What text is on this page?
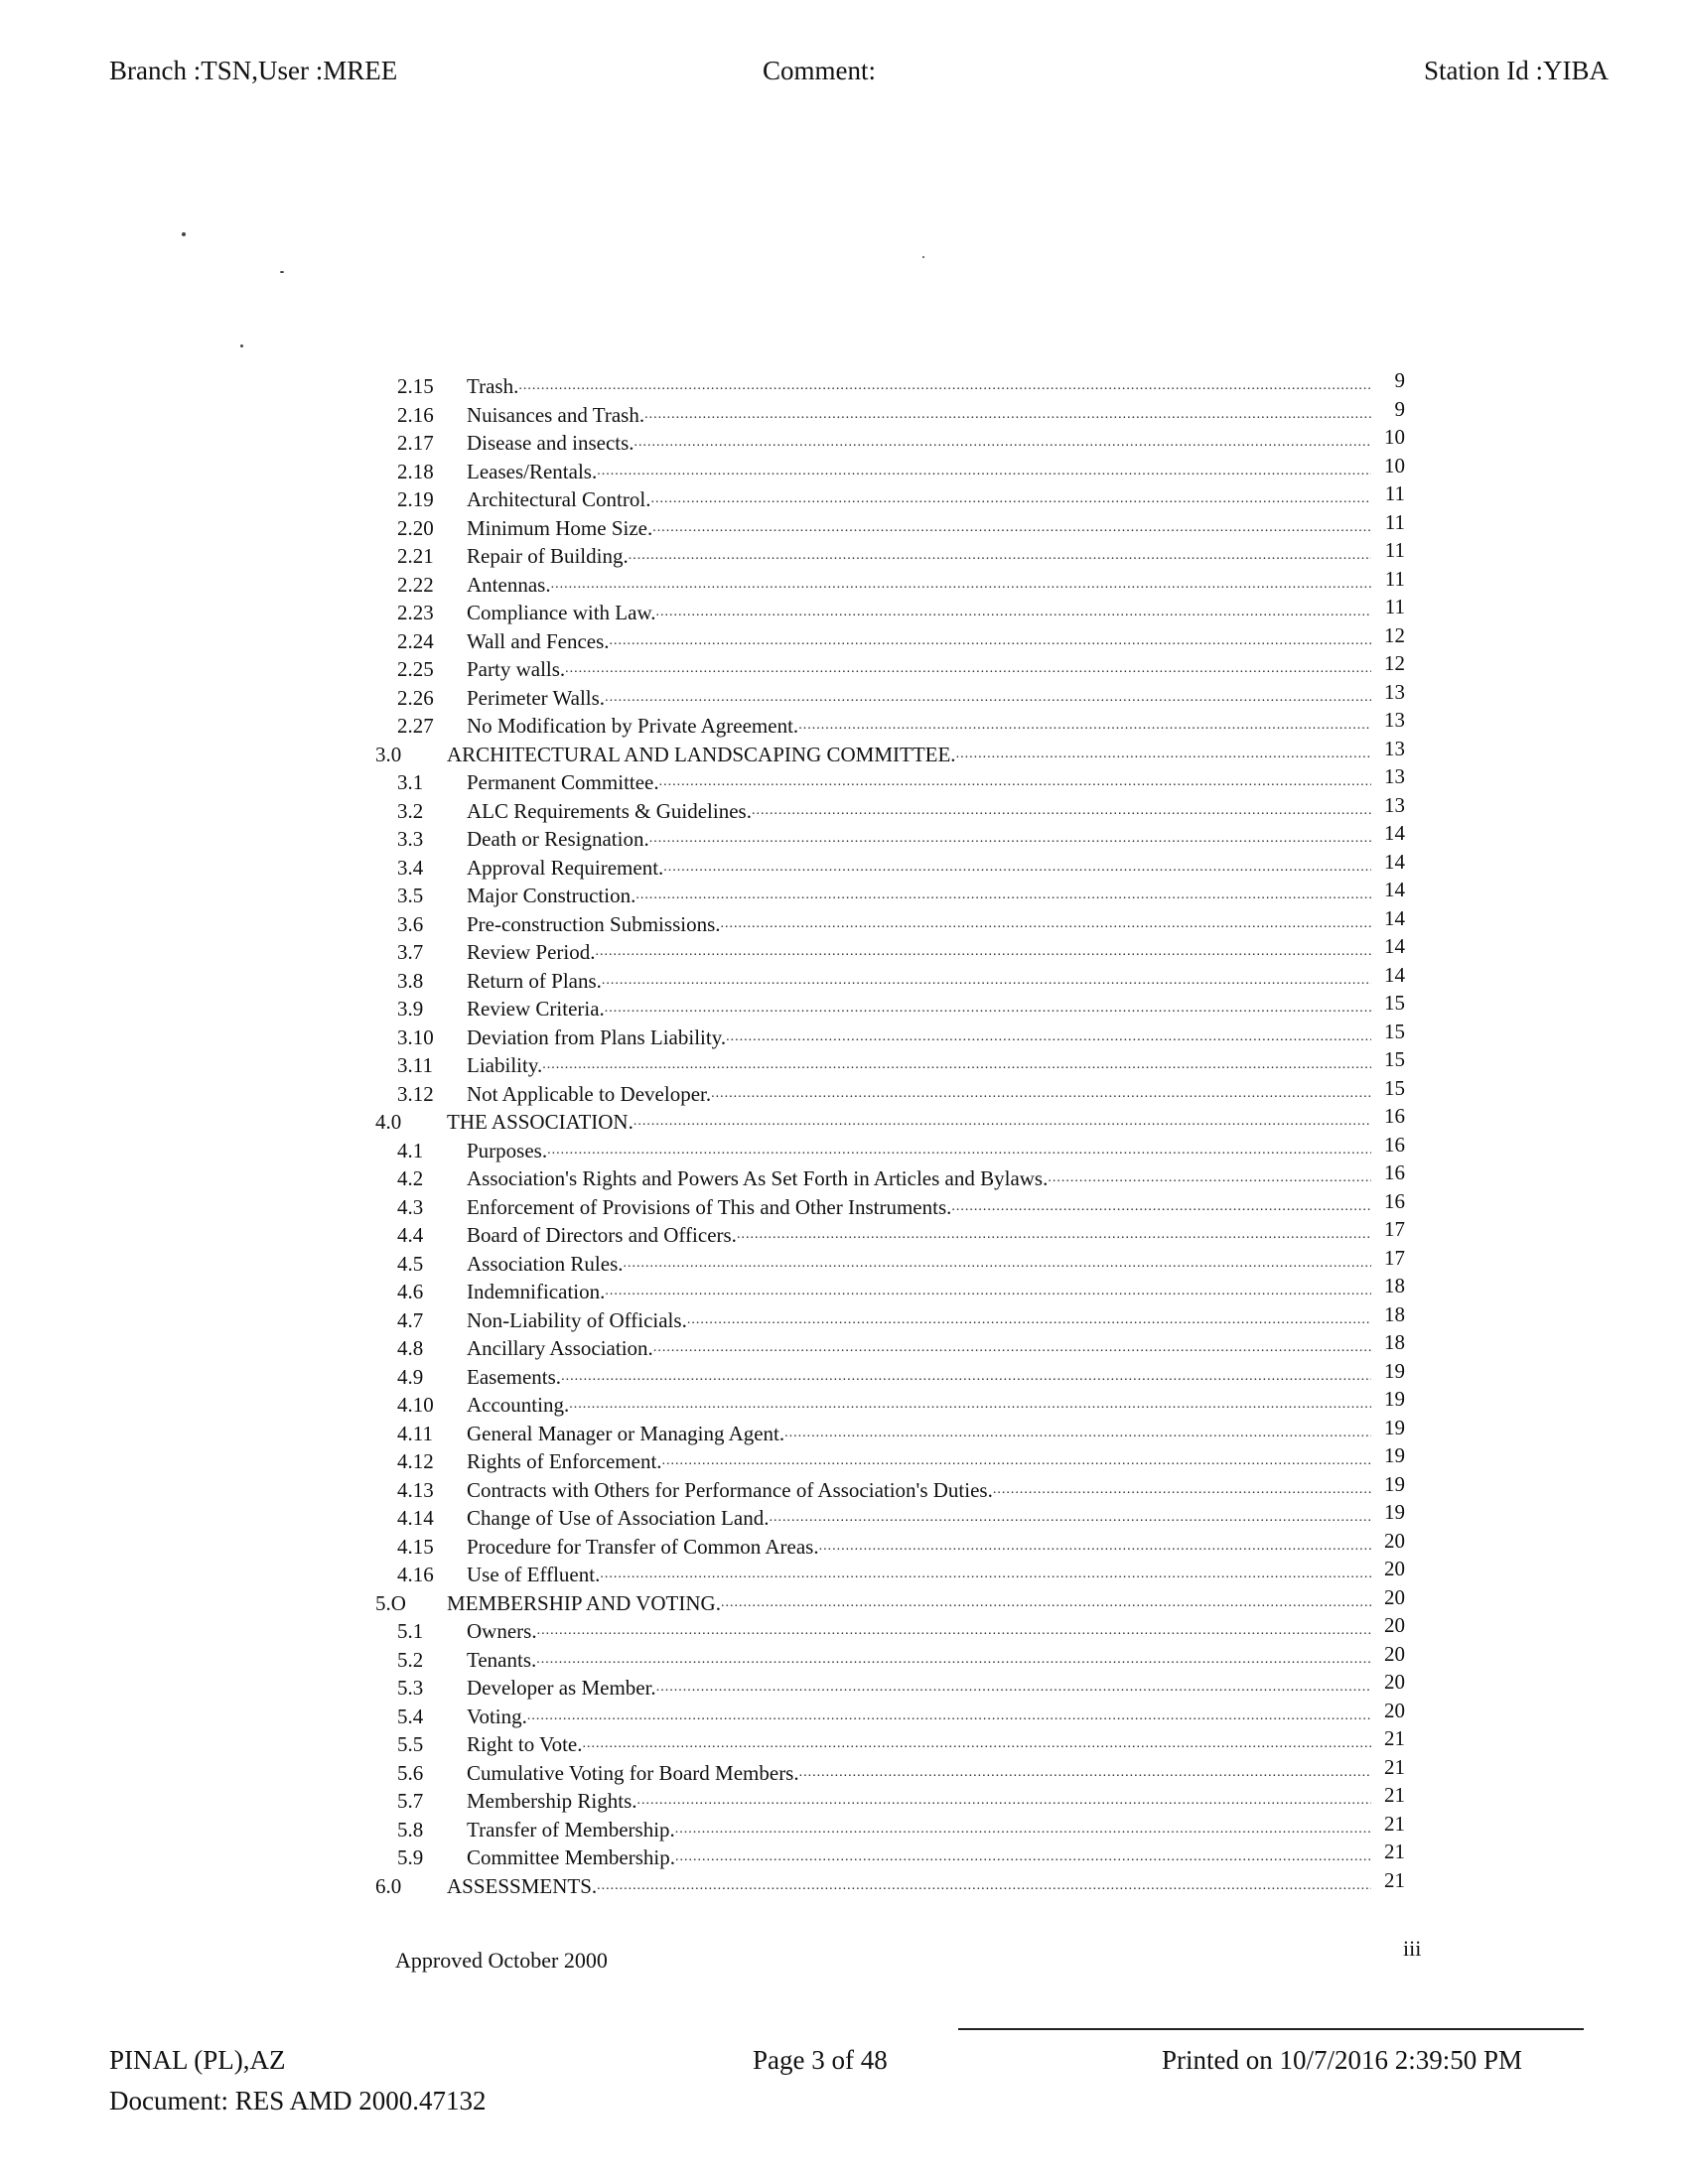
Branch :TSN,User :MREE	Comment:	Station Id :YIBA
2.15 Trash. .....	9
2.16 Nuisances and Trash. .....	9
2.17 Disease and insects. .....	10
2.18 Leases/Rentals. .....	10
2.19 Architectural Control. .....	11
2.20 Minimum Home Size. .....	11
2.21 Repair of Building. .....	11
2.22 Antennas. .....	11
2.23 Compliance with Law. .....	11
2.24 Wall and Fences. .....	12
2.25 Party walls. .....	12
2.26 Perimeter Walls. .....	13
2.27 No Modification by Private Agreement. .....	13
3.0 ARCHITECTURAL AND LANDSCAPING COMMITTEE. .....	13
3.1 Permanent Committee. .....	13
3.2 ALC Requirements & Guidelines. .....	13
3.3 Death or Resignation. .....	14
3.4 Approval Requirement. .....	14
3.5 Major Construction. .....	14
3.6 Pre-construction Submissions. .....	14
3.7 Review Period. .....	14
3.8 Return of Plans. .....	14
3.9 Review Criteria. .....	15
3.10 Deviation from Plans Liability. .....	15
3.11 Liability. .....	15
3.12 Not Applicable to Developer. .....	15
4.0 THE ASSOCIATION. .....	16
4.1 Purposes. .....	16
4.2 Association's Rights and Powers As Set Forth in Articles and Bylaws. .....	16
4.3 Enforcement of Provisions of This and Other Instruments. .....	16
4.4 Board of Directors and Officers. .....	17
4.5 Association Rules. .....	17
4.6 Indemnification. .....	18
4.7 Non-Liability of Officials. .....	18
4.8 Ancillary Association. .....	18
4.9 Easements. .....	19
4.10 Accounting. .....	19
4.11 General Manager or Managing Agent. .....	19
4.12 Rights of Enforcement. .....	19
4.13 Contracts with Others for Performance of Association's Duties. .....	19
4.14 Change of Use of Association Land. .....	19
4.15 Procedure for Transfer of Common Areas. .....	20
4.16 Use of Effluent. .....	20
5.O MEMBERSHIP AND VOTING. .....	20
5.1 Owners. .....	20
5.2 Tenants. .....	20
5.3 Developer as Member. .....	20
5.4 Voting. .....	20
5.5 Right to Vote. .....	21
5.6 Cumulative Voting for Board Members. .....	21
5.7 Membership Rights. .....	21
5.8 Transfer of Membership. .....	21
5.9 Committee Membership. .....	21
6.0 ASSESSMENTS. .....	21
Approved October 2000	iii
PINAL (PL),AZ
Document: RES AMD 2000.47132
Page 3 of 48	Printed on 10/7/2016 2:39:50 PM
